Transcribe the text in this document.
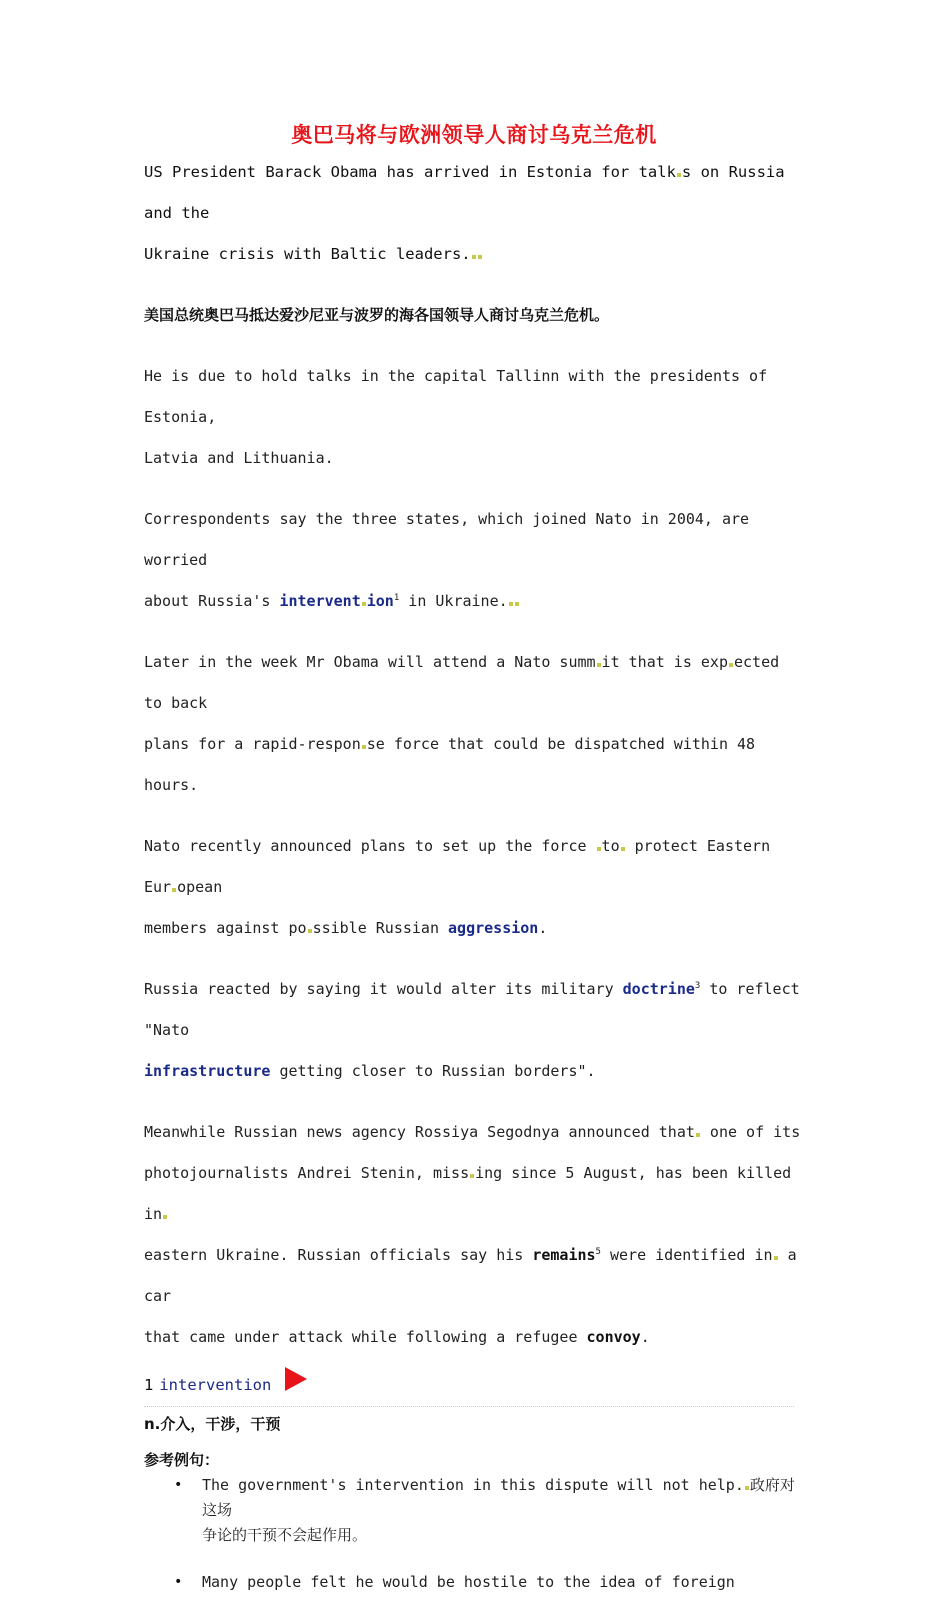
奥巴马将与欧洲领导人商讨乌克兰危机

US President Barack Obama has arrived in Estonia for talk s on Russia and the
Ukraine crisis with Baltic leaders.

美国总统奥巴马抵达爱沙尼亚与波罗的海各国领导人商讨乌克兰危机。

He is due to hold talks in the capital Tallinn with the presidents of Estonia,
Latvia and Lithuania.

Correspondents say the three states, which joined Nato in 2004, are worried
about Russia's intervent ion$^1$ in Ukraine.

Later in the week Mr Obama will attend a Nato summ it that is exp ected to back
plans for a rapid-respon se force that could be dispatched within 48 hours.

Nato recently announced plans to set up the force to protect Eastern Eur opean
members against po ssible Russian aggression.

Russia reacted by saying it would alter its military doctrine$^3$ to reflect "Nato
infrastructure getting closer to Russian borders".

Meanwhile Russian news agency Rossiya Segodnya announced that one of its
photojournalists Andrei Stenin, miss ing since 5 August, has been killed in
eastern Ukraine. Russian officials say his remains$^5$ were identified in a car
that came under attack while following a refugee convoy.

1 intervention

n.介入，干涉，干预

参考例句：

• The government's intervention in this dispute will not help. 政府对这场
争论的干预不会起作用。
• Many people felt he would be hostile to the idea of foreign
